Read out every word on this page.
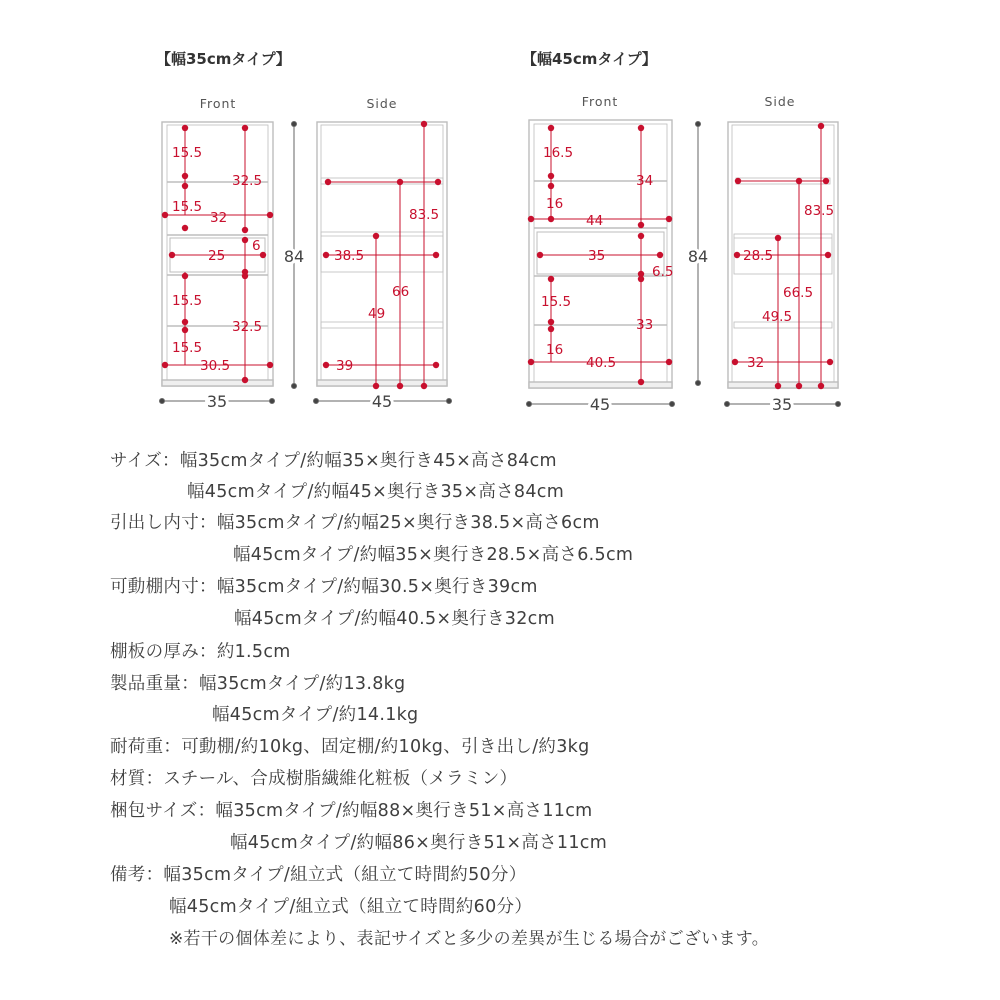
【幅35cmタイプ】
Front	Side
15.5
32.5
15.5
32
25
6
15.5
32.5
15.5
30.5
35
84
83.5
38.5
66
49
39
45
【幅45cmタイプ】
Front	Side
16.5
34
16
44
35
6.5
15.5
33
16
40.5
45
84
83.5
28.5
66.5
49.5
32
35
サイズ：幅35cmタイプ/約幅35×奥行き45×高さ84cm
幅45cmタイプ/約幅45×奥行き35×高さ84cm
引出し内寸：幅35cmタイプ/約幅25×奥行き38.5×高さ6cm
幅45cmタイプ/約幅35×奥行き28.5×高さ6.5cm
可動棚内寸：幅35cmタイプ/約幅30.5×奥行き39cm
幅45cmタイプ/約幅40.5×奥行き32cm
棚板の厚み：約1.5cm
製品重量：幅35cmタイプ/約13.8kg
幅45cmタイプ/約14.1kg
耐荷重：可動棚/約10kg、固定棚/約10kg、引き出し/約3kg
材質：スチール、合成樹脂繊維化粧板（メラミン）
梱包サイズ：幅35cmタイプ/約幅88×奥行き51×高さ11cm
幅45cmタイプ/約幅86×奥行き51×高さ11cm
備考：幅35cmタイプ/組立式（組立て時間約50分）
幅45cmタイプ/組立式（組立て時間約60分）
※若干の個体差により、表記サイズと多少の差異が生じる場合がございます。
